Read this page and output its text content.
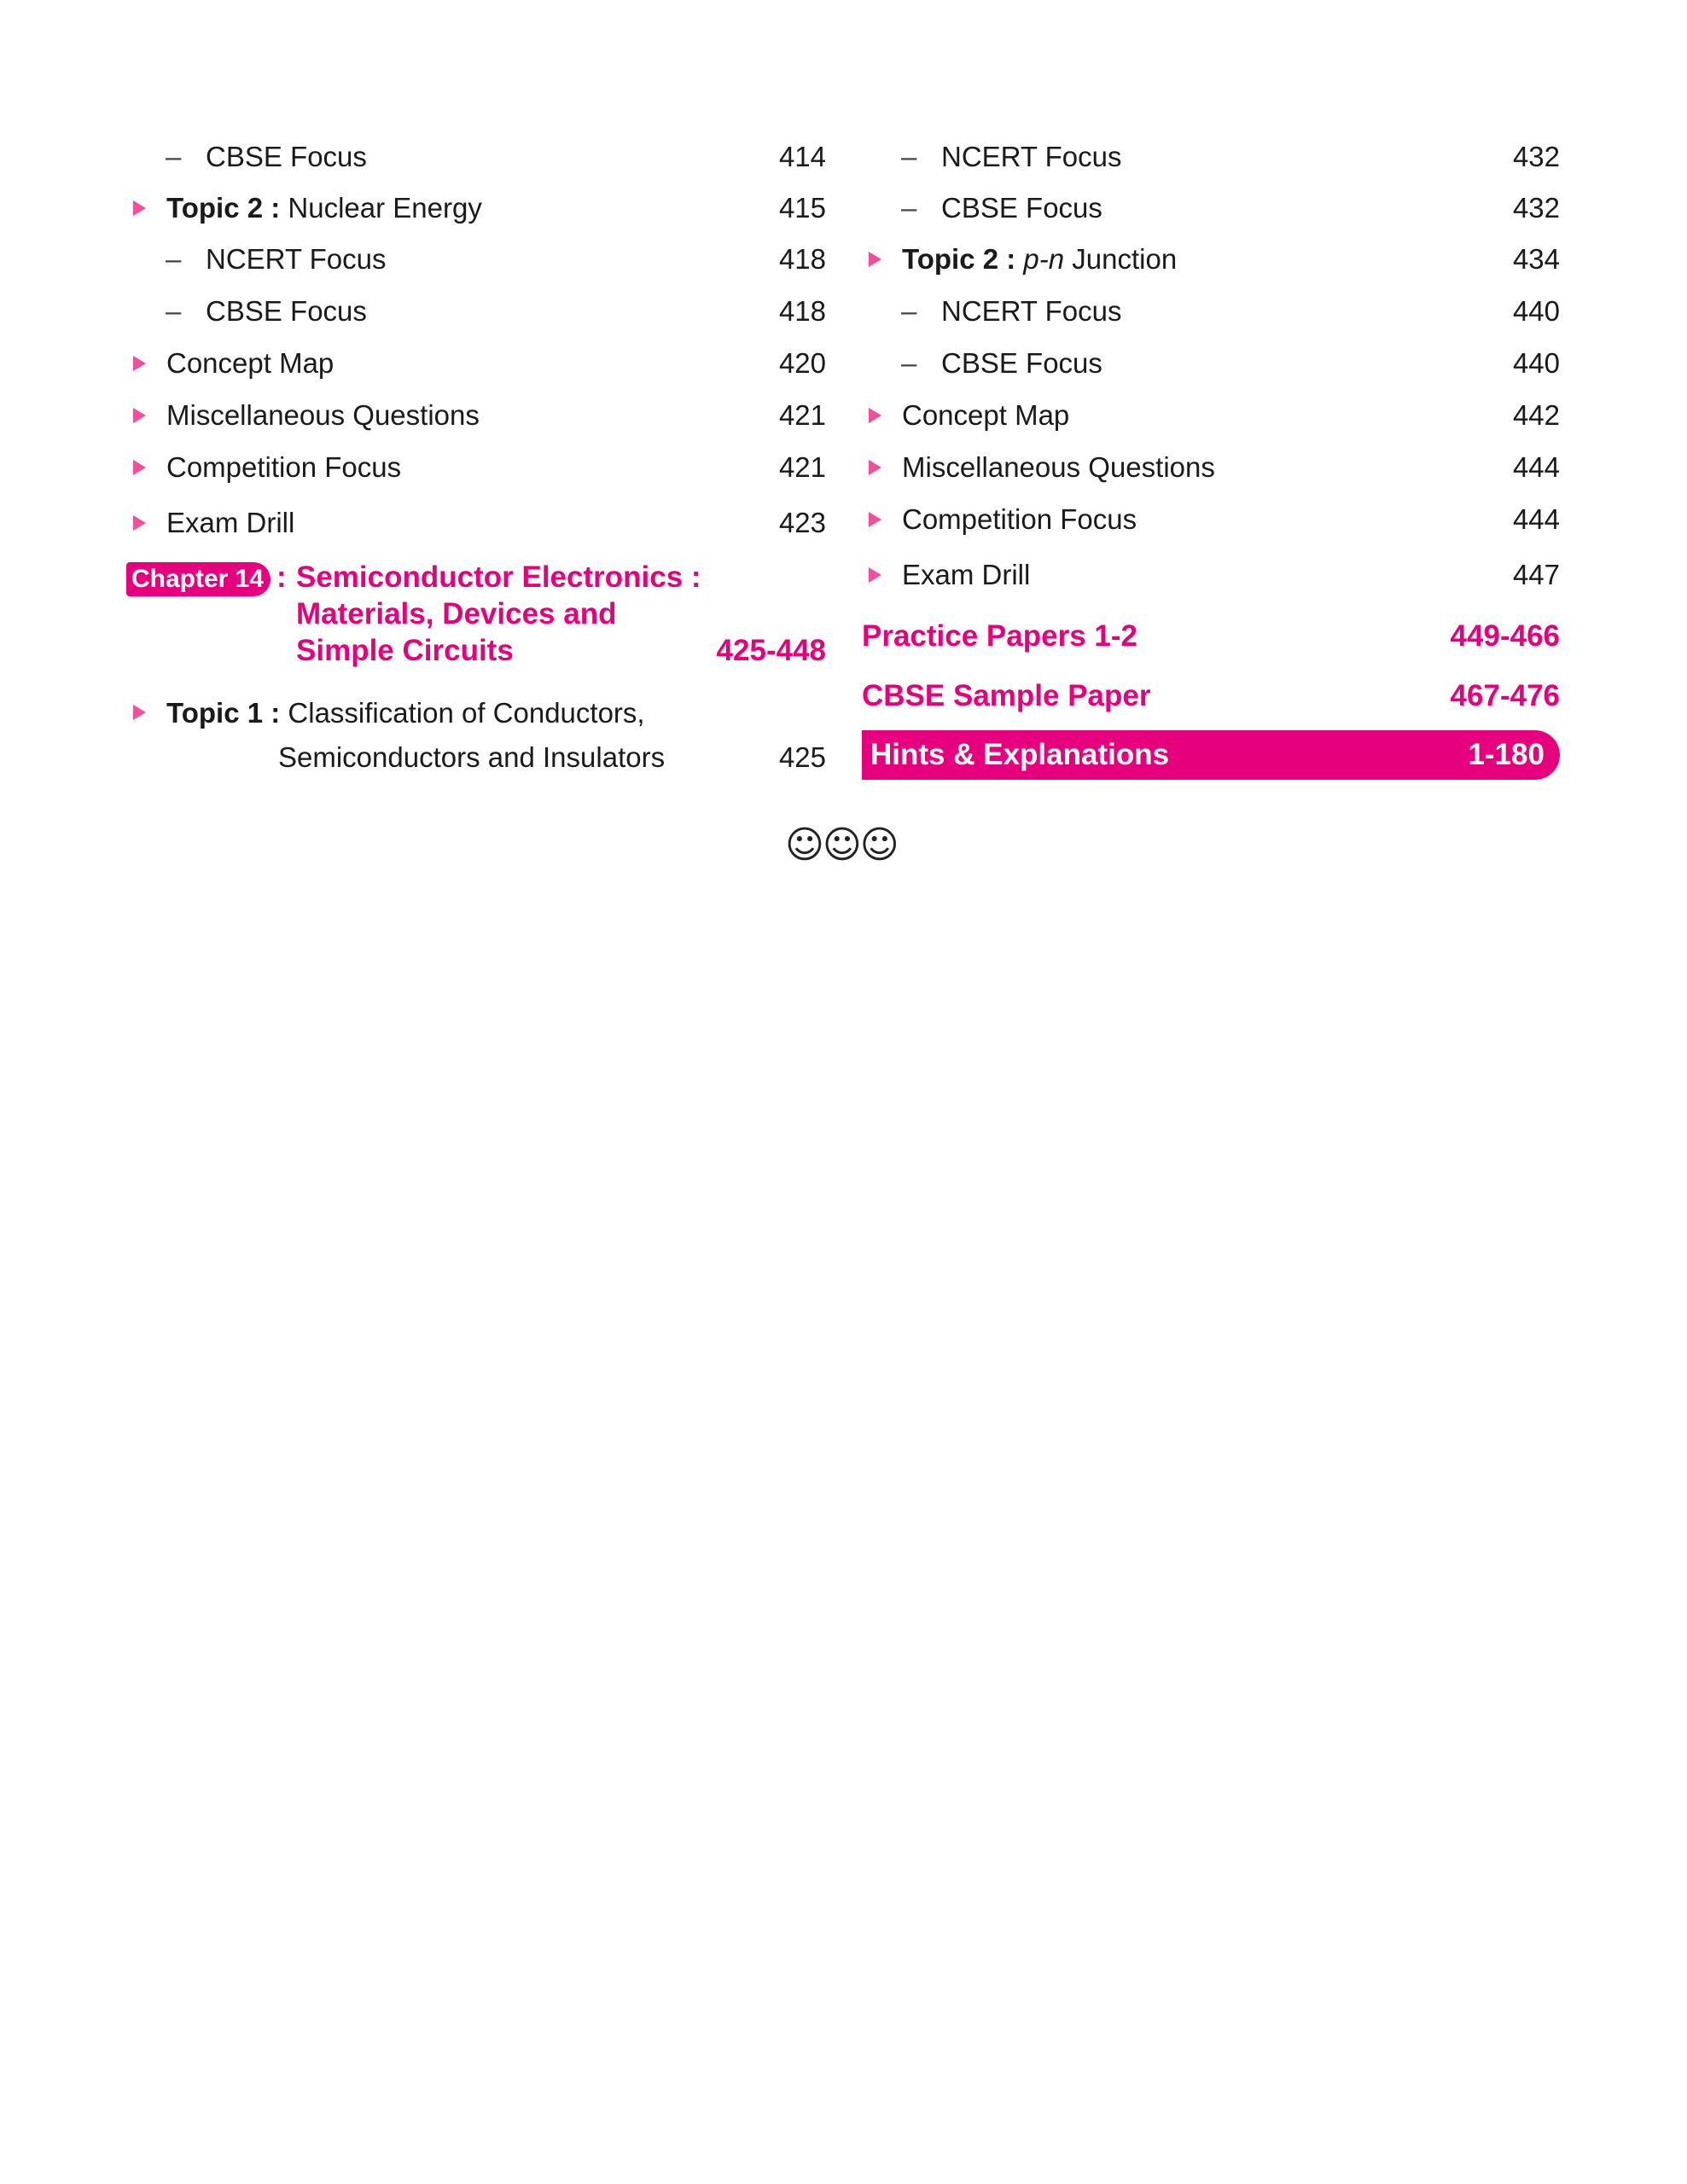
– CBSE Focus	414
Topic 2 : Nuclear Energy	415
– NCERT Focus	418
– CBSE Focus	418
Concept Map	420
Miscellaneous Questions	421
Competition Focus	421
Exam Drill	423
Chapter 14 : Semiconductor Electronics :
Materials, Devices and
Simple Circuits	425-448
Topic 1 : Classification of Conductors,
Semiconductors and Insulators	425
– NCERT Focus	432
– CBSE Focus	432
Topic 2 : p-n Junction	434
– NCERT Focus	440
– CBSE Focus	440
Concept Map	442
Miscellaneous Questions	444
Competition Focus	444
Exam Drill	447
Practice Papers 1-2	449-466
CBSE Sample Paper	467-476
Hints & Explanations	1-180
☺☺☺
